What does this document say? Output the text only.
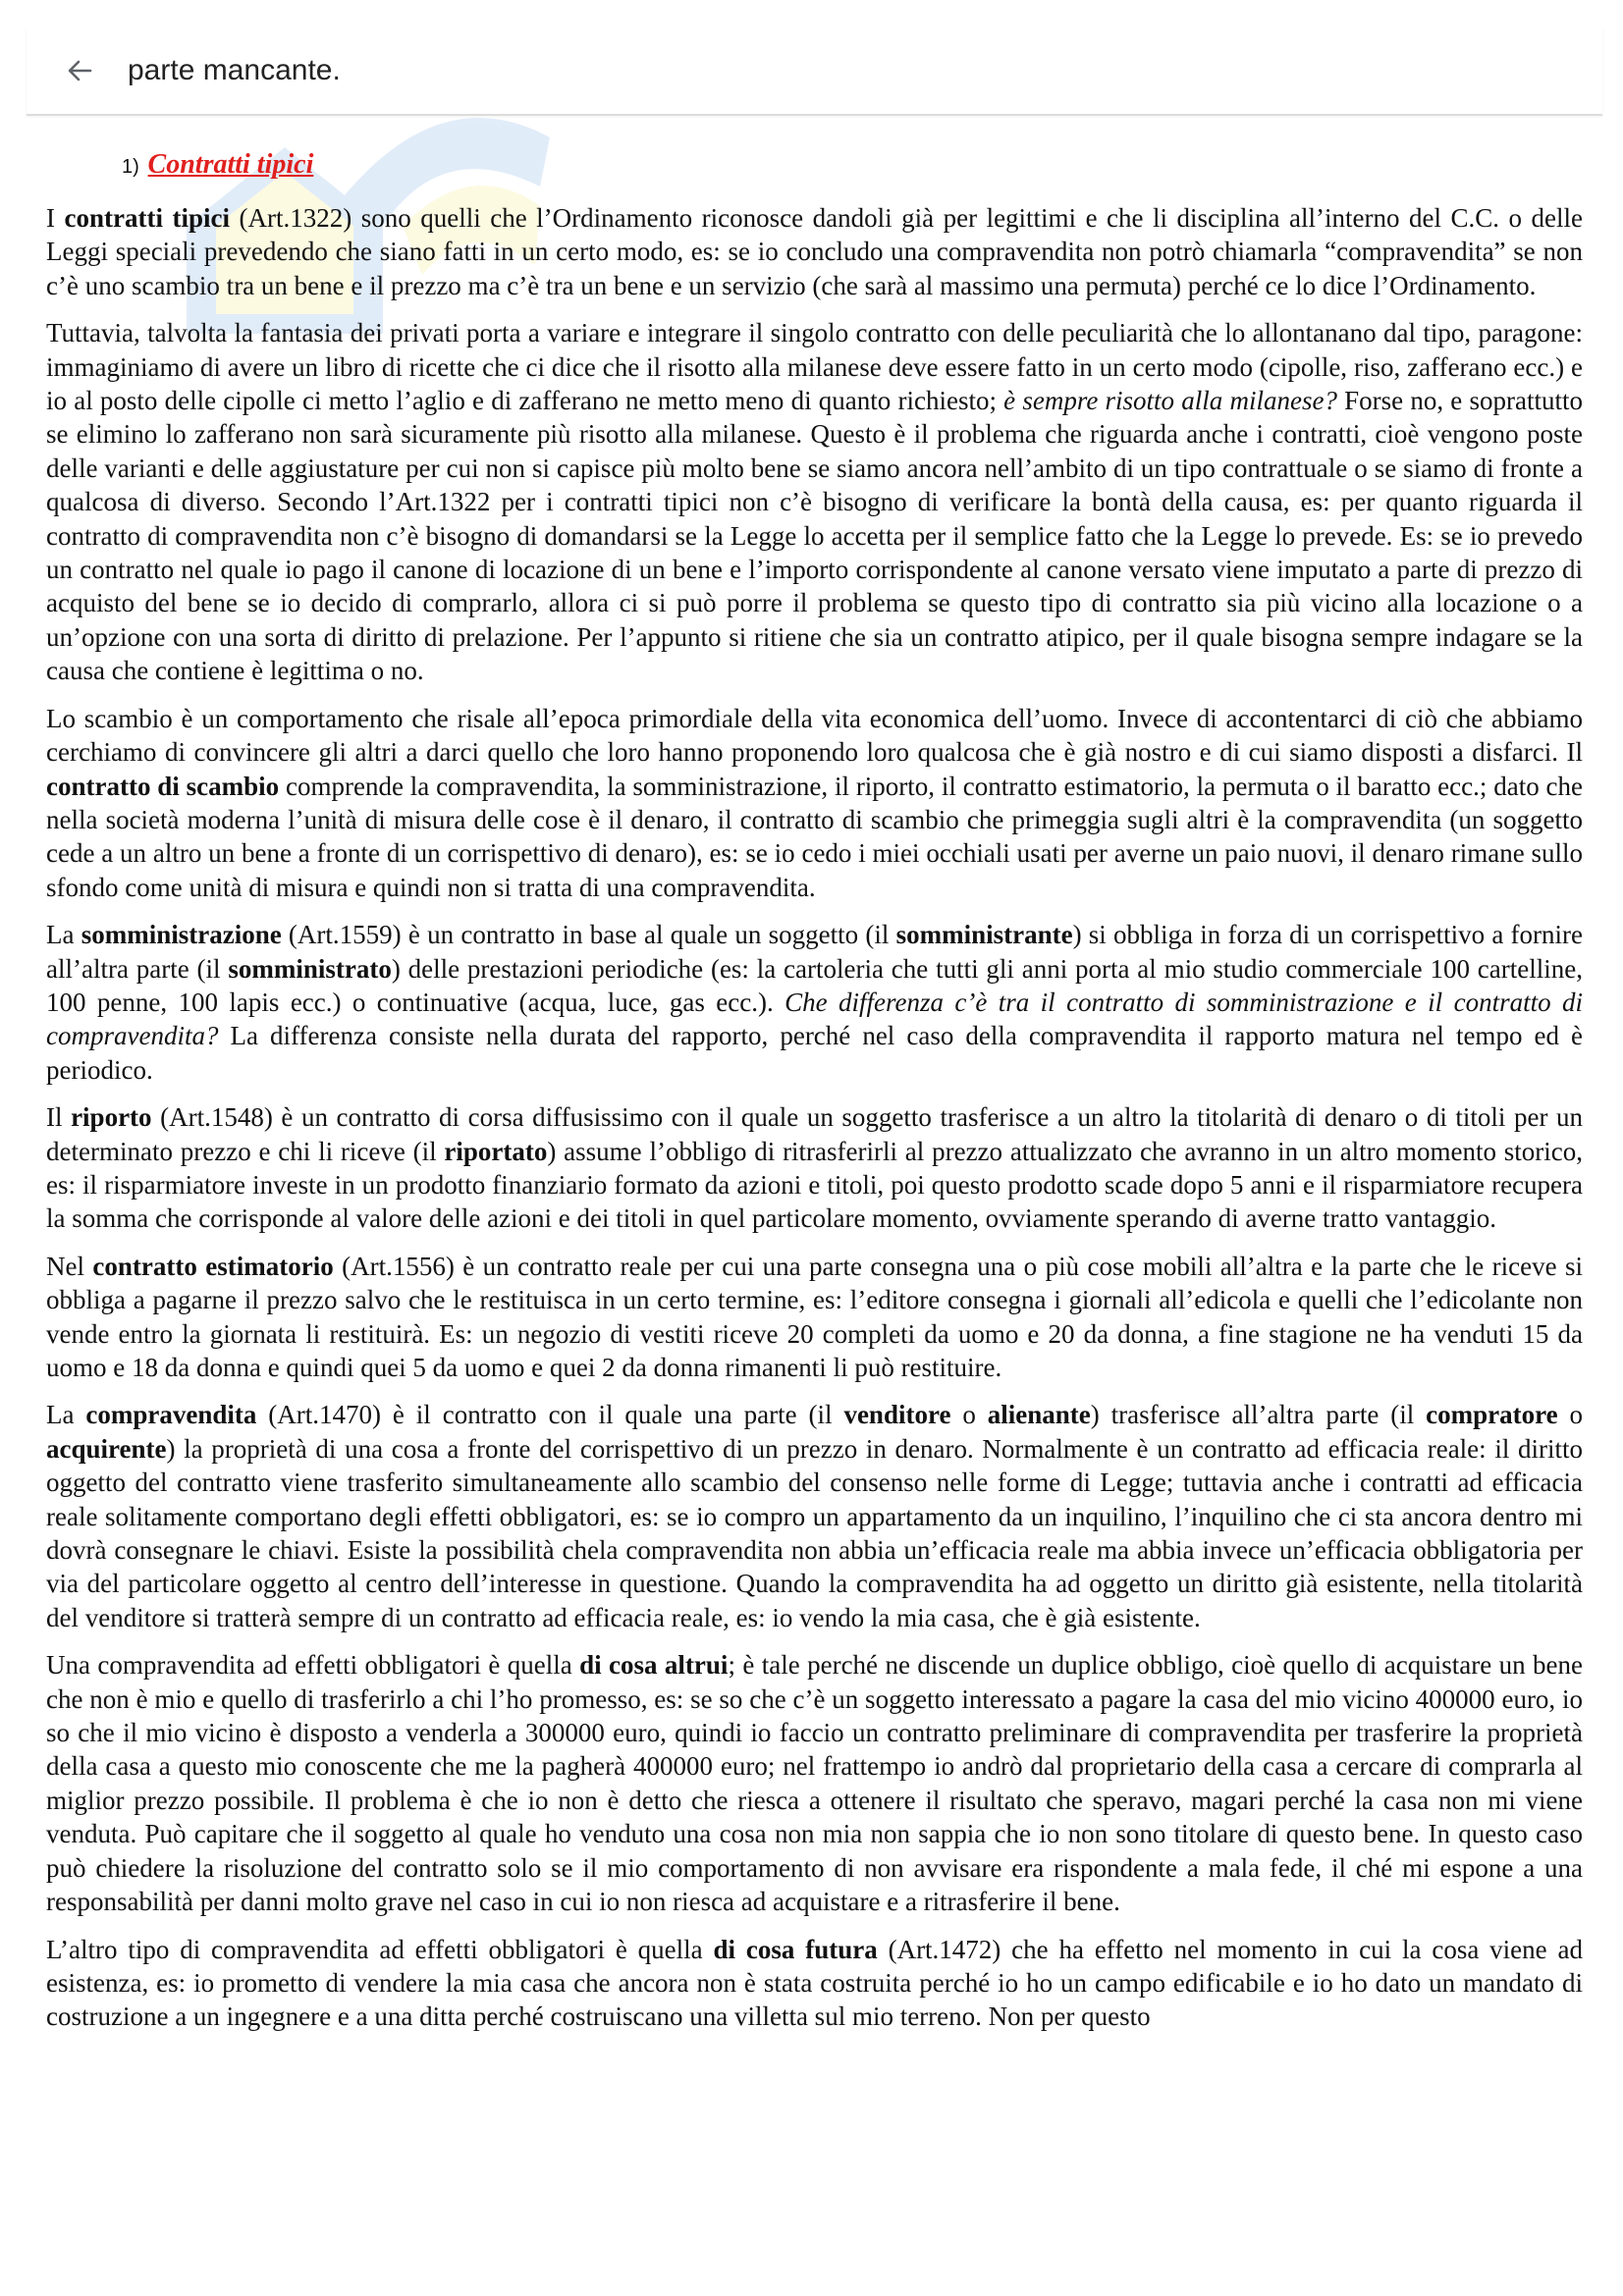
parte mancante.
1) Contratti tipici

I contratti tipici (Art.1322) sono quelli che l’Ordinamento riconosce dandoli già per legittimi e che li disciplina all’interno del C.C. o delle Leggi speciali prevedendo che siano fatti in un certo modo, es: se io concludo una compravendita non potrò chiamarla “compravendita” se non c’è uno scambio tra un bene e il prezzo ma c’è tra un bene e un servizio (che sarà al massimo una permuta) perché ce lo dice l’Ordinamento.

Tuttavia, talvolta la fantasia dei privati porta a variare e integrare il singolo contratto con delle peculiarità che lo allontanano dal tipo, paragone: immaginiamo di avere un libro di ricette che ci dice che il risotto alla milanese deve essere fatto in un certo modo (cipolle, riso, zafferano ecc.) e io al posto delle cipolle ci metto l’aglio e di zafferano ne metto meno di quanto richiesto; è sempre risotto alla milanese? Forse no, e soprattutto se elimino lo zafferano non sarà sicuramente più risotto alla milanese. Questo è il problema che riguarda anche i contratti, cioè vengono poste delle varianti e delle aggiustature per cui non si capisce più molto bene se siamo ancora nell’ambito di un tipo contrattuale o se siamo di fronte a qualcosa di diverso. Secondo l’Art.1322 per i contratti tipici non c’è bisogno di verificare la bontà della causa, es: per quanto riguarda il contratto di compravendita non c’è bisogno di domandarsi se la Legge lo accetta per il semplice fatto che la Legge lo prevede. Es: se io prevedo un contratto nel quale io pago il canone di locazione di un bene e l’importo corrispondente al canone versato viene imputato a parte di prezzo di acquisto del bene se io decido di comprarlo, allora ci si può porre il problema se questo tipo di contratto sia più vicino alla locazione o a un’opzione con una sorta di diritto di prelazione. Per l’appunto si ritiene che sia un contratto atipico, per il quale bisogna sempre indagare se la causa che contiene è legittima o no.

Lo scambio è un comportamento che risale all’epoca primordiale della vita economica dell’uomo. Invece di accontentarci di ciò che abbiamo cerchiamo di convincere gli altri a darci quello che loro hanno proponendo loro qualcosa che è già nostro e di cui siamo disposti a disfarci. Il contratto di scambio comprende la compravendita, la somministrazione, il riporto, il contratto estimatorio, la permuta o il baratto ecc.; dato che nella società moderna l’unità di misura delle cose è il denaro, il contratto di scambio che primeggia sugli altri è la compravendita (un soggetto cede a un altro un bene a fronte di un corrispettivo di denaro), es: se io cedo i miei occhiali usati per averne un paio nuovi, il denaro rimane sullo sfondo come unità di misura e quindi non si tratta di una compravendita.

La somministrazione (Art.1559) è un contratto in base al quale un soggetto (il somministrante) si obbliga in forza di un corrispettivo a fornire all’altra parte (il somministrato) delle prestazioni periodiche (es: la cartoleria che tutti gli anni porta al mio studio commerciale 100 cartelline, 100 penne, 100 lapis ecc.) o continuative (acqua, luce, gas ecc.). Che differenza c’è tra il contratto di somministrazione e il contratto di compravendita? La differenza consiste nella durata del rapporto, perché nel caso della compravendita il rapporto matura nel tempo ed è periodico.

Il riporto (Art.1548) è un contratto di corsa diffusissimo con il quale un soggetto trasferisce a un altro la titolarità di denaro o di titoli per un determinato prezzo e chi li riceve (il riportato) assume l’obbligo di ritrasferirli al prezzo attualizzato che avranno in un altro momento storico, es: il risparmiatore investe in un prodotto finanziario formato da azioni e titoli, poi questo prodotto scade dopo 5 anni e il risparmiatore recupera la somma che corrisponde al valore delle azioni e dei titoli in quel particolare momento, ovviamente sperando di averne tratto vantaggio.

Nel contratto estimatorio (Art.1556) è un contratto reale per cui una parte consegna una o più cose mobili all’altra e la parte che le riceve si obbliga a pagarne il prezzo salvo che le restituisca in un certo termine, es: l’editore consegna i giornali all’edicola e quelli che l’edicolante non vende entro la giornata li restituirà. Es: un negozio di vestiti riceve 20 completi da uomo e 20 da donna, a fine stagione ne ha venduti 15 da uomo e 18 da donna e quindi quei 5 da uomo e quei 2 da donna rimanenti li può restituire.

La compravendita (Art.1470) è il contratto con il quale una parte (il venditore o alienante) trasferisce all’altra parte (il compratore o acquirente) la proprietà di una cosa a fronte del corrispettivo di un prezzo in denaro. Normalmente è un contratto ad efficacia reale: il diritto oggetto del contratto viene trasferito simultaneamente allo scambio del consenso nelle forme di Legge; tuttavia anche i contratti ad efficacia reale solitamente comportano degli effetti obbligatori, es: se io compro un appartamento da un inquilino, l’inquilino che ci sta ancora dentro mi dovrà consegnare le chiavi. Esiste la possibilità chela compravendita non abbia un’efficacia reale ma abbia invece un’efficacia obbligatoria per via del particolare oggetto al centro dell’interesse in questione. Quando la compravendita ha ad oggetto un diritto già esistente, nella titolarità del venditore si tratterà sempre di un contratto ad efficacia reale, es: io vendo la mia casa, che è già esistente.

Una compravendita ad effetti obbligatori è quella di cosa altrui; è tale perché ne discende un duplice obbligo, cioè quello di acquistare un bene che non è mio e quello di trasferirlo a chi l’ho promesso, es: se so che c’è un soggetto interessato a pagare la casa del mio vicino 400000 euro, io so che il mio vicino è disposto a venderla a 300000 euro, quindi io faccio un contratto preliminare di compravendita per trasferire la proprietà della casa a questo mio conoscente che me la pagherà 400000 euro; nel frattempo io andrò dal proprietario della casa a cercare di comprarla al miglior prezzo possibile. Il problema è che io non è detto che riesca a ottenere il risultato che speravo, magari perché la casa non mi viene venduta. Può capitare che il soggetto al quale ho venduto una cosa non mia non sappia che io non sono titolare di questo bene. In questo caso può chiedere la risoluzione del contratto solo se il mio comportamento di non avvisare era rispondente a mala fede, il ché mi espone a una responsabilità per danni molto grave nel caso in cui io non riesca ad acquistare e a ritrasferire il bene.

L’altro tipo di compravendita ad effetti obbligatori è quella di cosa futura (Art.1472) che ha effetto nel momento in cui la cosa viene ad esistenza, es: io prometto di vendere la mia casa che ancora non è stata costruita perché io ho un campo edificabile e io ho dato un mandato di costruzione a un ingegnere e a una ditta perché costruiscano una villetta sul mio terreno. Non per questo
